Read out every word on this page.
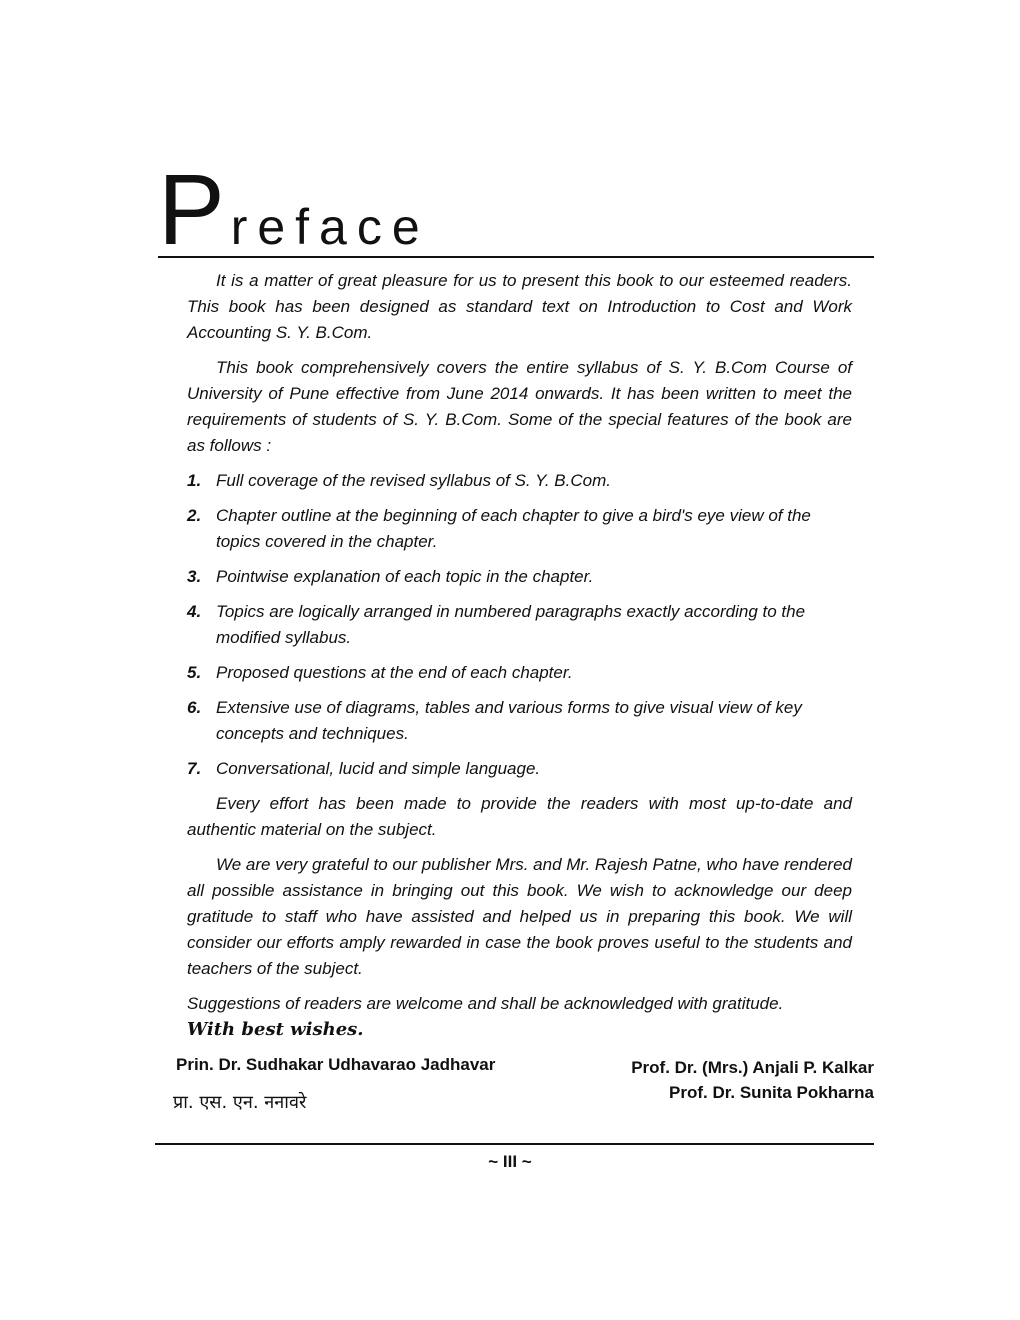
Preface

It is a matter of great pleasure for us to present this book to our esteemed readers. This book has been designed as standard text on Introduction to Cost and Work Accounting S. Y. B.Com.

This book comprehensively covers the entire syllabus of S. Y. B.Com Course of University of Pune effective from June 2014 onwards. It has been written to meet the requirements of students of S. Y. B.Com. Some of the special features of the book are as follows :

1. Full coverage of the revised syllabus of S. Y. B.Com.
2. Chapter outline at the beginning of each chapter to give a bird's eye view of the topics covered in the chapter.
3. Pointwise explanation of each topic in the chapter.
4. Topics are logically arranged in numbered paragraphs exactly according to the modified syllabus.
5. Proposed questions at the end of each chapter.
6. Extensive use of diagrams, tables and various forms to give visual view of key concepts and techniques.
7. Conversational, lucid and simple language.

Every effort has been made to provide the readers with most up-to-date and authentic material on the subject.

We are very grateful to our publisher Mrs. and Mr. Rajesh Patne, who have rendered all possible assistance in bringing out this book. We wish to acknowledge our deep gratitude to staff who have assisted and helped us in preparing this book. We will consider our efforts amply rewarded in case the book proves useful to the students and teachers of the subject.

Suggestions of readers are welcome and shall be acknowledged with gratitude.

With best wishes.
Prin. Dr. Sudhakar Udhavarao Jadhavar
प्रा. एस. एन. ननावरे
Prof. Dr. (Mrs.) Anjali P. Kalkar
Prof. Dr. Sunita Pokharna
~ III ~
